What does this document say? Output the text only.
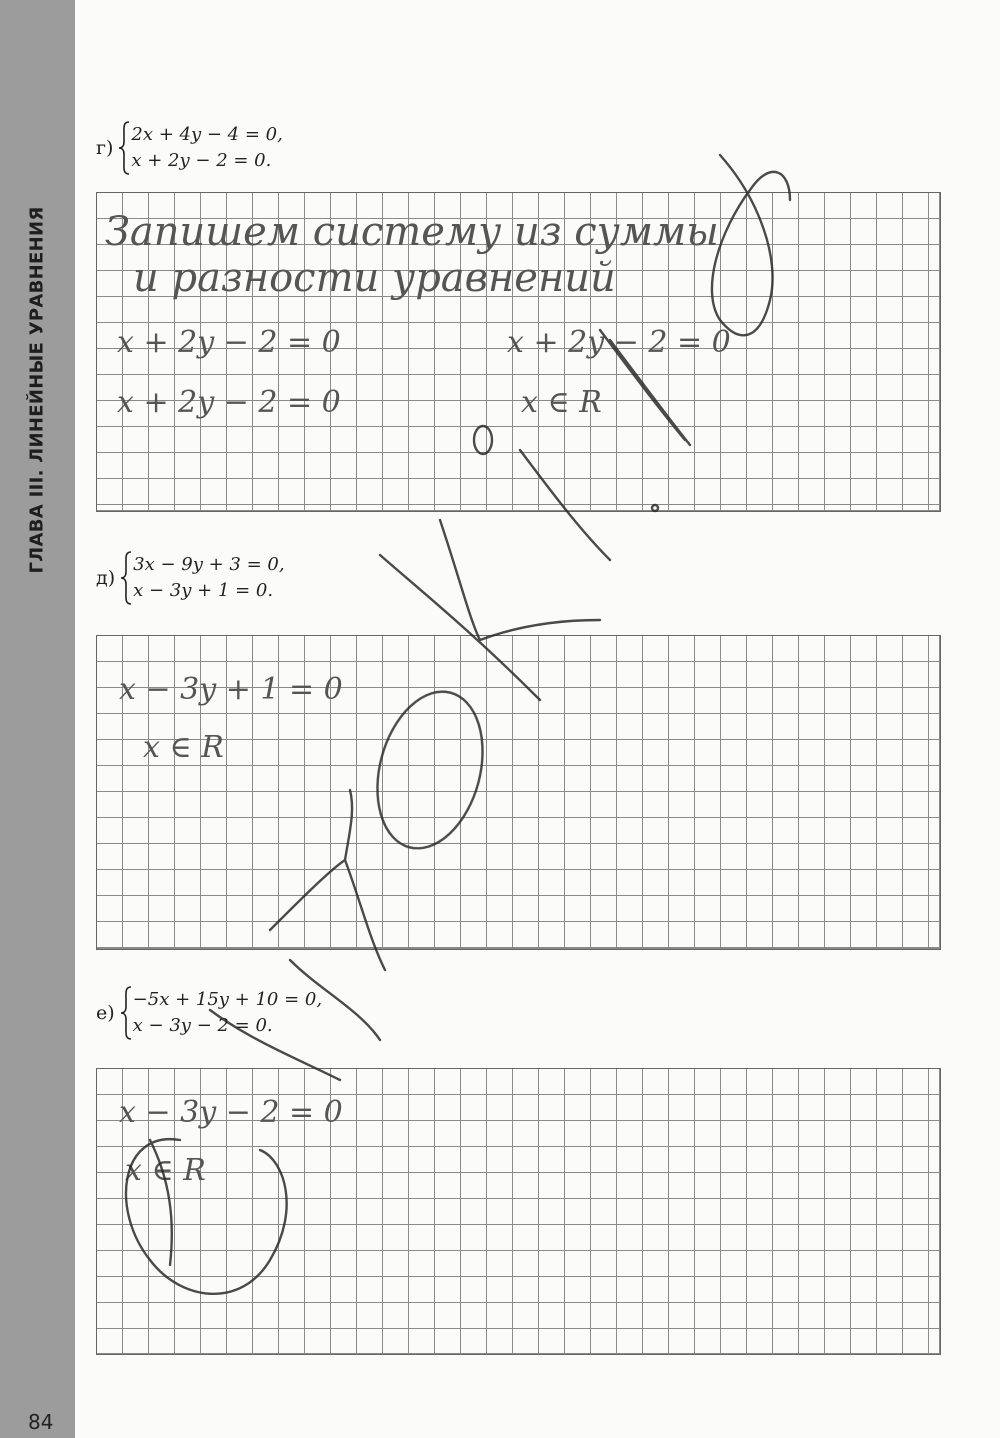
ГЛАВА III. ЛИНЕЙНЫЕ УРАВНЕНИЯ
84
г)
2x + 4y − 4 = 0,
x + 2y − 2 = 0.
Запишем систему из суммы
и разности уравнений
x + 2y − 2 = 0
x + 2y − 2 = 0
x + 2y − 2 = 0
x ∈ R
д)
3x − 9y + 3 = 0,
x − 3y + 1 = 0.
x − 3y + 1 = 0
x ∈ R
е)
−5x + 15y + 10 = 0,
x − 3y − 2 = 0.
x − 3y − 2 = 0
x ∈ R
